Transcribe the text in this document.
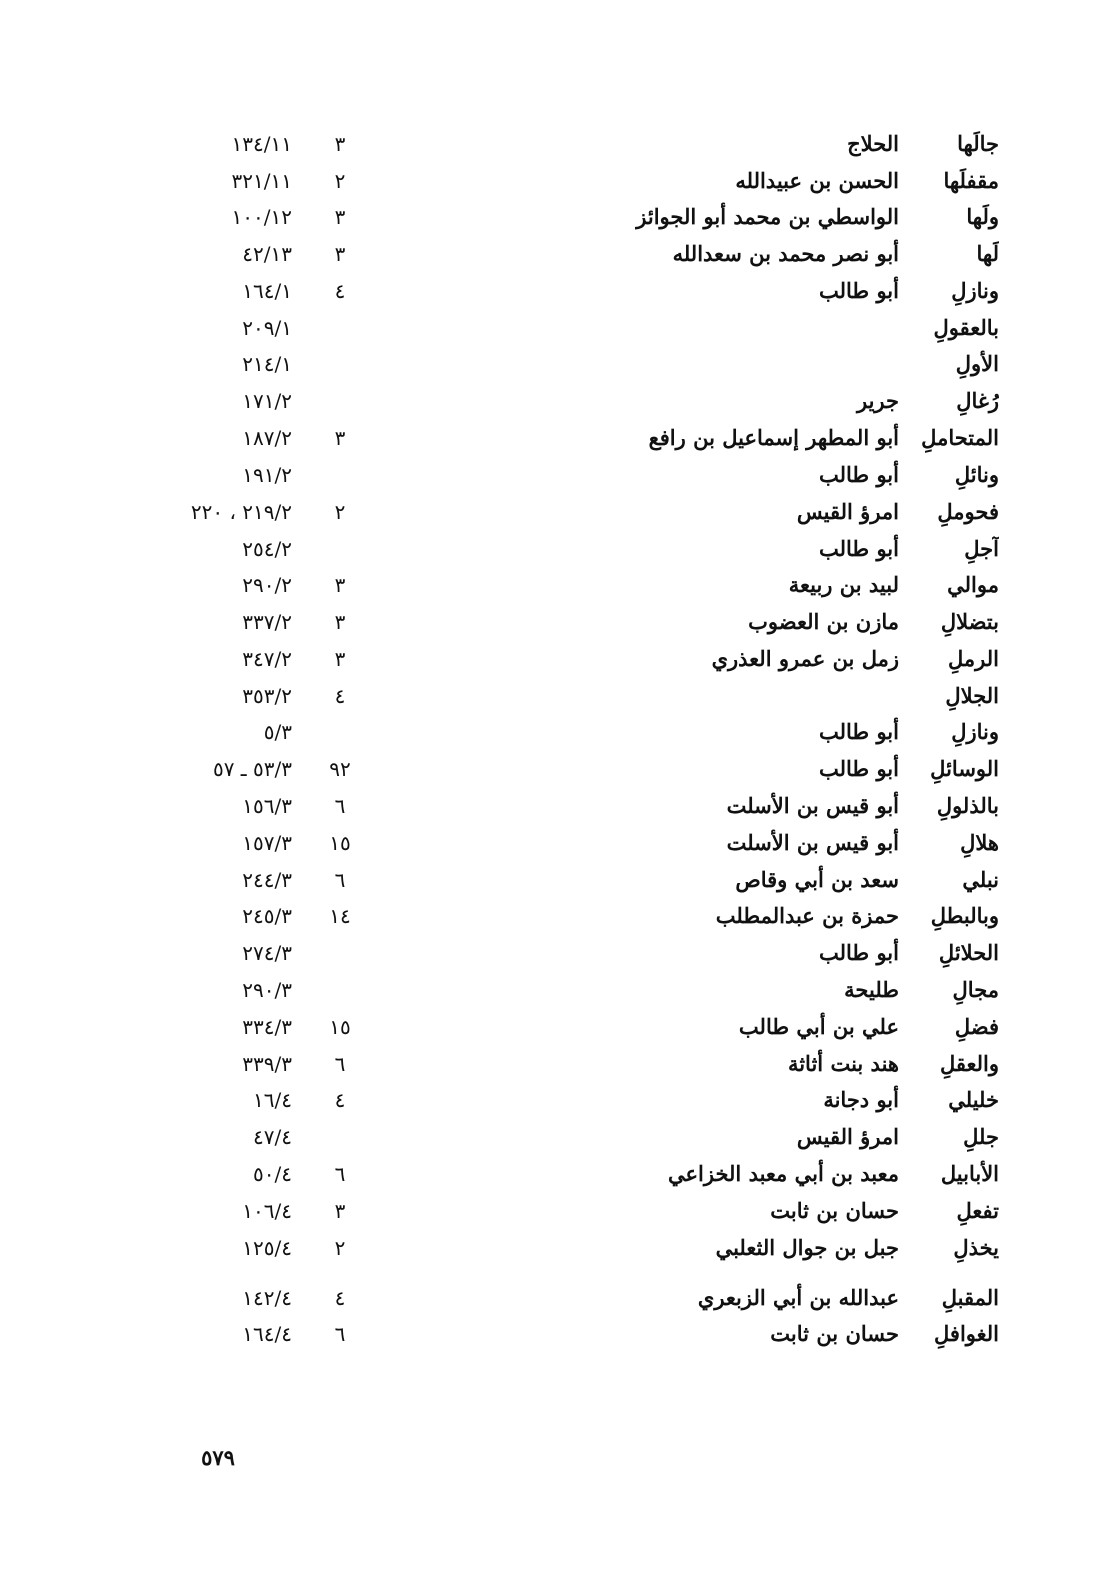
جالَها
الحلاج
٣
١٣٤/١١
مقفلَها
الحسن بن عبيدالله
٢
٣٢١/١١
ولَها
الواسطي بن محمد أبو الجوائز
٣
١٠٠/١٢
لَها
أبو نصر محمد بن سعدالله
٣
٤٢/١٣
ونازلِ
أبو طالب
٤
١٦٤/١
بالعقولِ
٢٠٩/١
الأولِ
٢١٤/١
رُغالِ
جرير
١٧١/٢
المتحاملِ
أبو المطهر إسماعيل بن رافع
٣
١٨٧/٢
ونائلِ
أبو طالب
١٩١/٢
فحوملِ
امرؤ القيس
٢
٢١٩/٢ ، ٢٢٠
آجلِ
أبو طالب
٢٥٤/٢
موالي
لبيد بن ربيعة
٣
٢٩٠/٢
بتضلالِ
مازن بن العضوب
٣
٣٣٧/٢
الرملِ
زمل بن عمرو العذري
٣
٣٤٧/٢
الجلالِ
٤
٣٥٣/٢
ونازلِ
أبو طالب
٥/٣
الوسائلِ
أبو طالب
٩٢
٥٣/٣ ـ ٥٧
بالذلولِ
أبو قيس بن الأسلت
٦
١٥٦/٣
هلالِ
أبو قيس بن الأسلت
١٥
١٥٧/٣
نبلي
سعد بن أبي وقاص
٦
٢٤٤/٣
وبالبطلِ
حمزة بن عبدالمطلب
١٤
٢٤٥/٣
الحلائلِ
أبو طالب
٢٧٤/٣
مجالِ
طليحة
٢٩٠/٣
فضلِ
علي بن أبي طالب
١٥
٣٣٤/٣
والعقلِ
هند بنت أثاثة
٦
٣٣٩/٣
خليلي
أبو دجانة
٤
١٦/٤
جللِ
امرؤ القيس
٤٧/٤
الأبابيل
معبد بن أبي معبد الخزاعي
٦
٥٠/٤
تفعلِ
حسان بن ثابت
٣
١٠٦/٤
يخذلِ
جبل بن جوال الثعلبي
٢
١٢٥/٤
المقبلِ
عبدالله بن أبي الزبعري
٤
١٤٢/٤
الغوافلِ
حسان بن ثابت
٦
١٦٤/٤
٥٧٩
